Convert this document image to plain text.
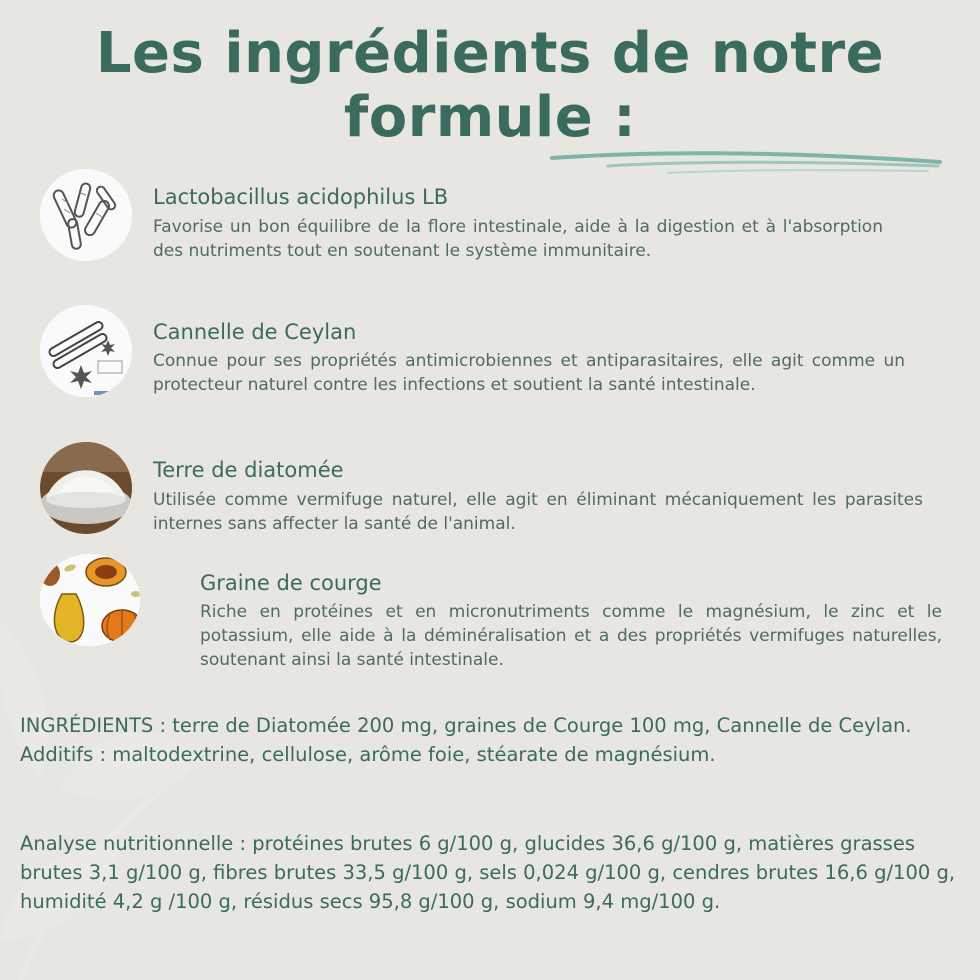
Les ingrédients de notre
formule :
Lactobacillus acidophilus LB

Favorise un bon équilibre de la flore intestinale, aide à la digestion et à l'absorption des nutriments tout en soutenant le système immunitaire.

Cannelle de Ceylan

Connue pour ses propriétés antimicrobiennes et antiparasitaires, elle agit comme un protecteur naturel contre les infections et soutient la santé intestinale.

Terre de diatomée

Utilisée comme vermifuge naturel, elle agit en éliminant mécaniquement les parasites internes sans affecter la santé de l'animal.

Graine de courge

Riche en protéines et en micronutriments comme le magnésium, le zinc et le potassium, elle aide à la déminéralisation et a des propriétés vermifuges naturelles, soutenant ainsi la santé intestinale.

INGRÉDIENTS : terre de Diatomée 200 mg, graines de Courge 100 mg, Cannelle de Ceylan. Additifs : maltodextrine, cellulose, arôme foie, stéarate de magnésium.

Analyse nutritionnelle : protéines brutes 6 g/100 g, glucides 36,6 g/100 g, matières grasses brutes 3,1 g/100 g, fibres brutes 33,5 g/100 g, sels 0,024 g/100 g, cendres brutes 16,6 g/100 g, humidité 4,2 g /100 g, résidus secs 95,8 g/100 g, sodium 9,4 mg/100 g.
